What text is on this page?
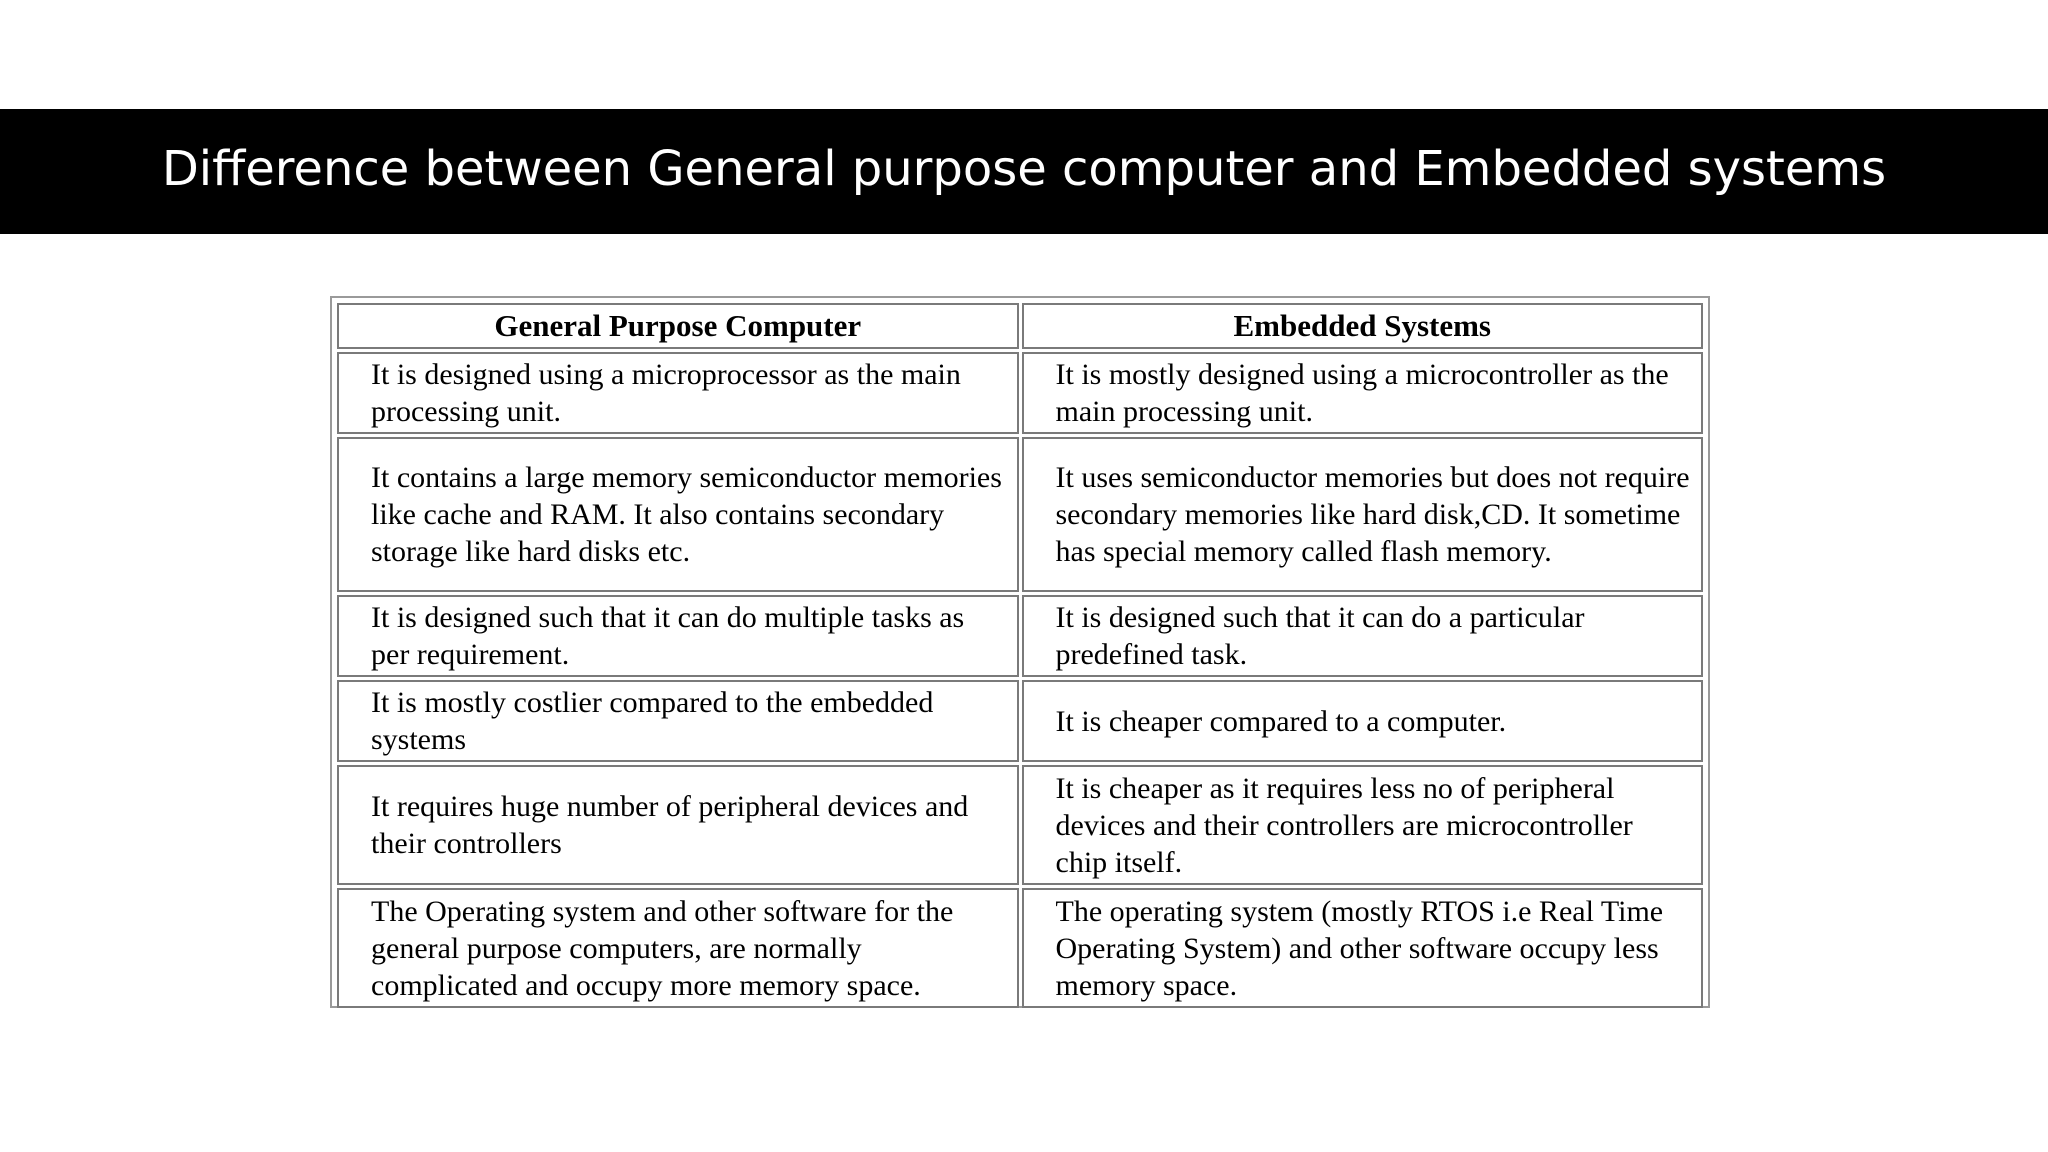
Difference between General purpose computer and Embedded systems
General Purpose Computer	Embedded Systems
It is designed using a microprocessor as the main processing unit.	It is mostly designed using a microcontroller as the main processing unit.
It contains a large memory semiconductor memories like cache and RAM. It also contains secondary storage like hard disks etc.	It uses semiconductor memories but does not require secondary memories like hard disk,CD. It sometime has special memory called flash memory.
It is designed such that it can do multiple tasks as per requirement.	It is designed such that it can do a particular predefined task.
It is mostly costlier compared to the embedded systems	It is cheaper compared to a computer.
It requires huge number of peripheral devices and their controllers	It is cheaper as it requires less no of peripheral devices and their controllers are microcontroller chip itself.
The Operating system and other software for the general purpose computers, are normally complicated and occupy more memory space.	The operating system (mostly RTOS i.e Real Time Operating System) and other software occupy less memory space.
